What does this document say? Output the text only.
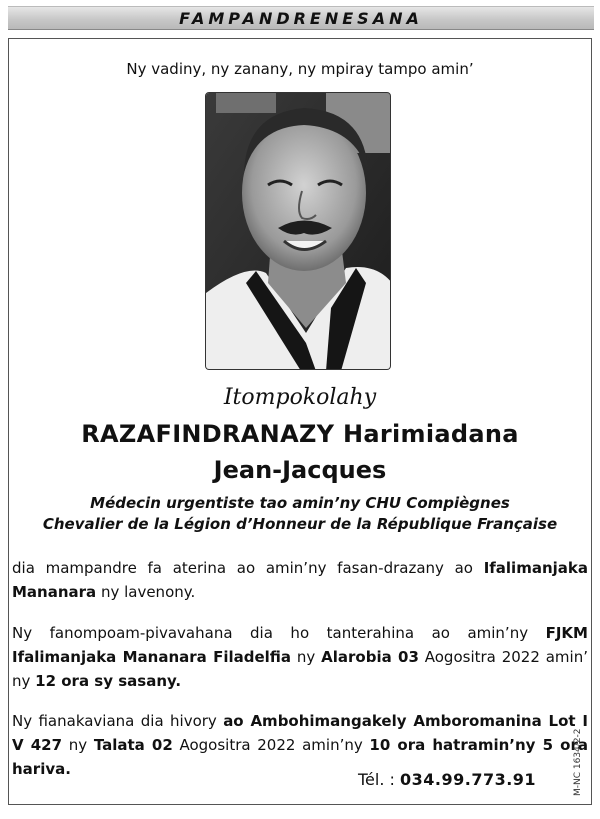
FAMPANDRENESANA
Ny vadiny, ny zanany, ny mpiray tampo amin’
Itompokolahy
RAZAFINDRANAZY Harimiadana
Jean-Jacques
Médecin urgentiste tao amin’ny CHU Compiègnes
Chevalier de la Légion d’Honneur de la République Française
dia mampandre fa aterina ao amin’ny fasan-drazany ao Ifalimanjaka Mananara ny lavenony.
Ny fanompoam-pivavahana dia ho tanterahina ao amin’ny FJKM Ifalimanjaka Mananara Filadelfia ny Alarobia 03 Aogositra 2022 amin’ ny 12 ora sy sasany.
Ny fianakaviana dia hivory ao Ambohimangakely Amboromanina Lot I V 427 ny Talata 02 Aogositra 2022 amin’ny 10 ora hatramin’ny 5 ora hariva.
Tél. : 034.99.773.91	M-NC 1634/2-2
